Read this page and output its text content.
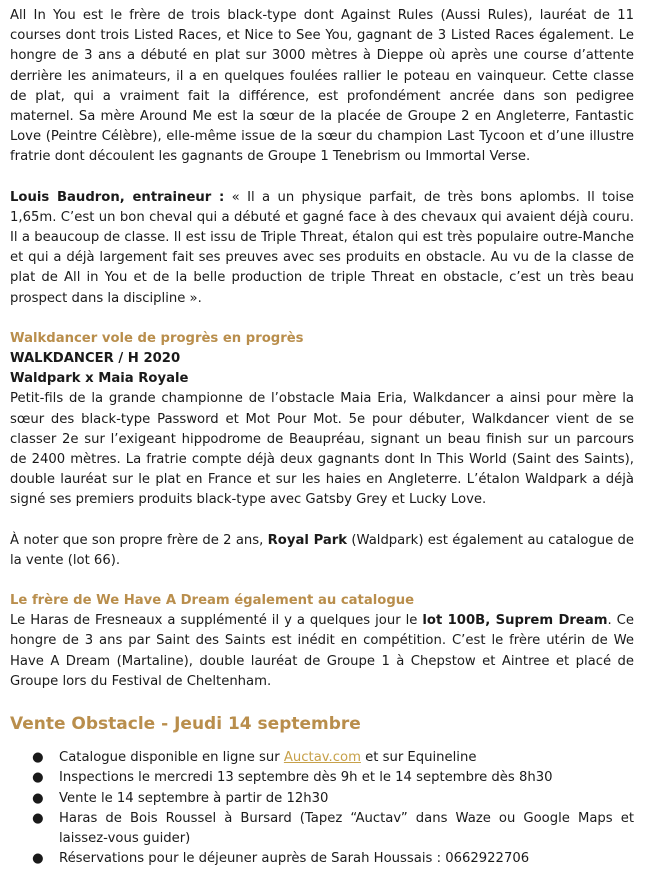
All In You est le frère de trois black-type dont Against Rules (Aussi Rules), lauréat de 11 courses dont trois Listed Races, et Nice to See You, gagnant de 3 Listed Races également. Le hongre de 3 ans a débuté en plat sur 3000 mètres à Dieppe où après une course d’attente derrière les animateurs, il a en quelques foulées rallier le poteau en vainqueur. Cette classe de plat, qui a vraiment fait la différence, est profondément ancrée dans son pedigree maternel. Sa mère Around Me est la sœur de la placée de Groupe 2 en Angleterre, Fantastic Love (Peintre Célèbre), elle-même issue de la sœur du champion Last Tycoon et d’une illustre fratrie dont découlent les gagnants de Groupe 1 Tenebrism ou Immortal Verse.

Louis Baudron, entraineur : « Il a un physique parfait, de très bons aplombs. Il toise 1,65m. C’est un bon cheval qui a débuté et gagné face à des chevaux qui avaient déjà couru. Il a beaucoup de classe. Il est issu de Triple Threat, étalon qui est très populaire outre-Manche et qui a déjà largement fait ses preuves avec ses produits en obstacle. Au vu de la classe de plat de All in You et de la belle production de triple Threat en obstacle, c’est un très beau prospect dans la discipline ».

Walkdancer vole de progrès en progrès

WALKDANCER / H 2020

Waldpark x Maia Royale

Petit-fils de la grande championne de l’obstacle Maia Eria, Walkdancer a ainsi pour mère la sœur des black-type Password et Mot Pour Mot. 5e pour débuter, Walkdancer vient de se classer 2e sur l’exigeant hippodrome de Beaupréau, signant un beau finish sur un parcours de 2400 mètres. La fratrie compte déjà deux gagnants dont In This World (Saint des Saints), double lauréat sur le plat en France et sur les haies en Angleterre. L’étalon Waldpark a déjà signé ses premiers produits black-type avec Gatsby Grey et Lucky Love.

À noter que son propre frère de 2 ans, Royal Park (Waldpark) est également au catalogue de la vente (lot 66).

Le frère de We Have A Dream également au catalogue

Le Haras de Fresneaux a supplémenté il y a quelques jour le lot 100B, Suprem Dream. Ce hongre de 3 ans par Saint des Saints est inédit en compétition. C’est le frère utérin de We Have A Dream (Martaline), double lauréat de Groupe 1 à Chepstow et Aintree et placé de Groupe lors du Festival de Cheltenham.

Vente Obstacle - Jeudi 14 septembre

● Catalogue disponible en ligne sur Auctav.com et sur Equineline
● Inspections le mercredi 13 septembre dès 9h et le 14 septembre dès 8h30
● Vente le 14 septembre à partir de 12h30
● Haras de Bois Roussel à Bursard (Tapez “Auctav” dans Waze ou Google Maps et laissez-vous guider)
● Réservations pour le déjeuner auprès de Sarah Houssais : 0662922706
